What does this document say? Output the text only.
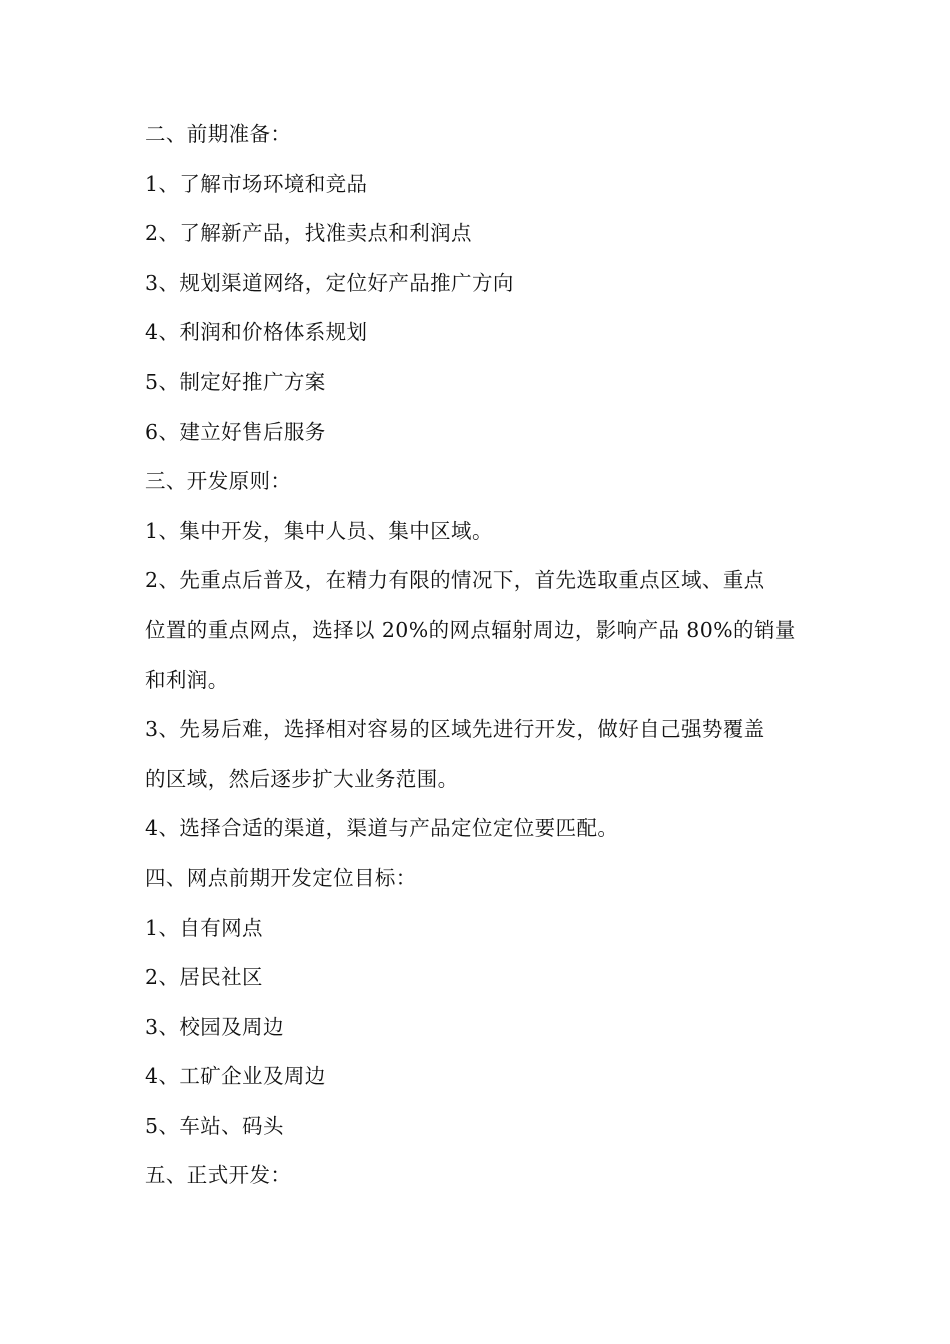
二、前期准备：
1、了解市场环境和竞品
2、了解新产品，找准卖点和利润点
3、规划渠道网络，定位好产品推广方向
4、利润和价格体系规划
5、制定好推广方案
6、建立好售后服务
三、开发原则：
1、集中开发，集中人员、集中区域。
2、先重点后普及，在精力有限的情况下，首先选取重点区域、重点
位置的重点网点，选择以 20%的网点辐射周边，影响产品 80%的销量
和利润。
3、先易后难，选择相对容易的区域先进行开发，做好自己强势覆盖
的区域，然后逐步扩大业务范围。
4、选择合适的渠道，渠道与产品定位定位要匹配。
四、网点前期开发定位目标：
1、自有网点
2、居民社区
3、校园及周边
4、工矿企业及周边
5、车站、码头
五、正式开发：
